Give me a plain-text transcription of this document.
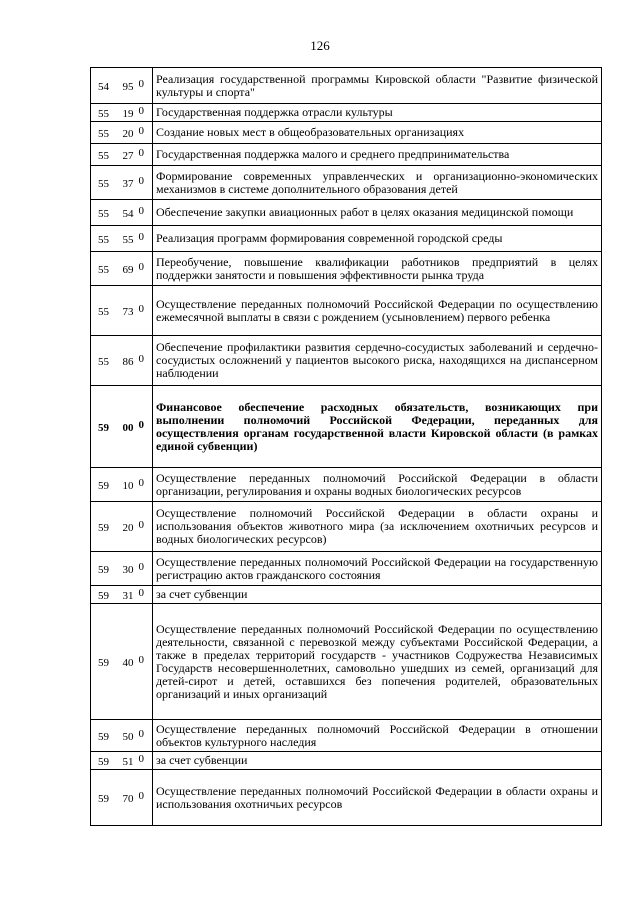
126
54 95 0	Реализация государственной программы Кировской области "Развитие физической культуры и спорта"
55 19 0	Государственная поддержка отрасли культуры
55 20 0	Создание новых мест в общеобразовательных организациях
55 27 0	Государственная поддержка малого и среднего предпринимательства
55 37 0	Формирование современных управленческих и организационно-экономических механизмов в системе дополнительного образования детей
55 54 0	Обеспечение закупки авиационных работ в целях оказания медицинской помощи
55 55 0	Реализация программ формирования современной городской среды
55 69 0	Переобучение, повышение квалификации работников предприятий в целях поддержки занятости и повышения эффективности рынка труда
55 73 0	Осуществление переданных полномочий Российской Федерации по осуществлению ежемесячной выплаты в связи с рождением (усыновлением) первого ребенка
55 86 0	Обеспечение профилактики развития сердечно-сосудистых заболеваний и сердечно-сосудистых осложнений у пациентов высокого риска, находящихся на диспансерном наблюдении
59 00 0	Финансовое обеспечение расходных обязательств, возникающих при выполнении полномочий Российской Федерации, переданных для осуществления органам государственной власти Кировской области (в рамках единой субвенции)
59 10 0	Осуществление переданных полномочий Российской Федерации в области организации, регулирования и охраны водных биологических ресурсов
59 20 0	Осуществление полномочий Российской Федерации в области охраны и использования объектов животного мира (за исключением охотничьих ресурсов и водных биологических ресурсов)
59 30 0	Осуществление переданных полномочий Российской Федерации на государственную регистрацию актов гражданского состояния
59 31 0	за счет субвенции
59 40 0	Осуществление переданных полномочий Российской Федерации по осуществлению деятельности, связанной с перевозкой между субъектами Российской Федерации, а также в пределах территорий государств - участников Содружества Независимых Государств несовершеннолетних, самовольно ушедших из семей, организаций для детей-сирот и детей, оставшихся без попечения родителей, образовательных организаций и иных организаций
59 50 0	Осуществление переданных полномочий Российской Федерации в отношении объектов культурного наследия
59 51 0	за счет субвенции
59 70 0	Осуществление переданных полномочий Российской Федерации в области охраны и использования охотничьих ресурсов
